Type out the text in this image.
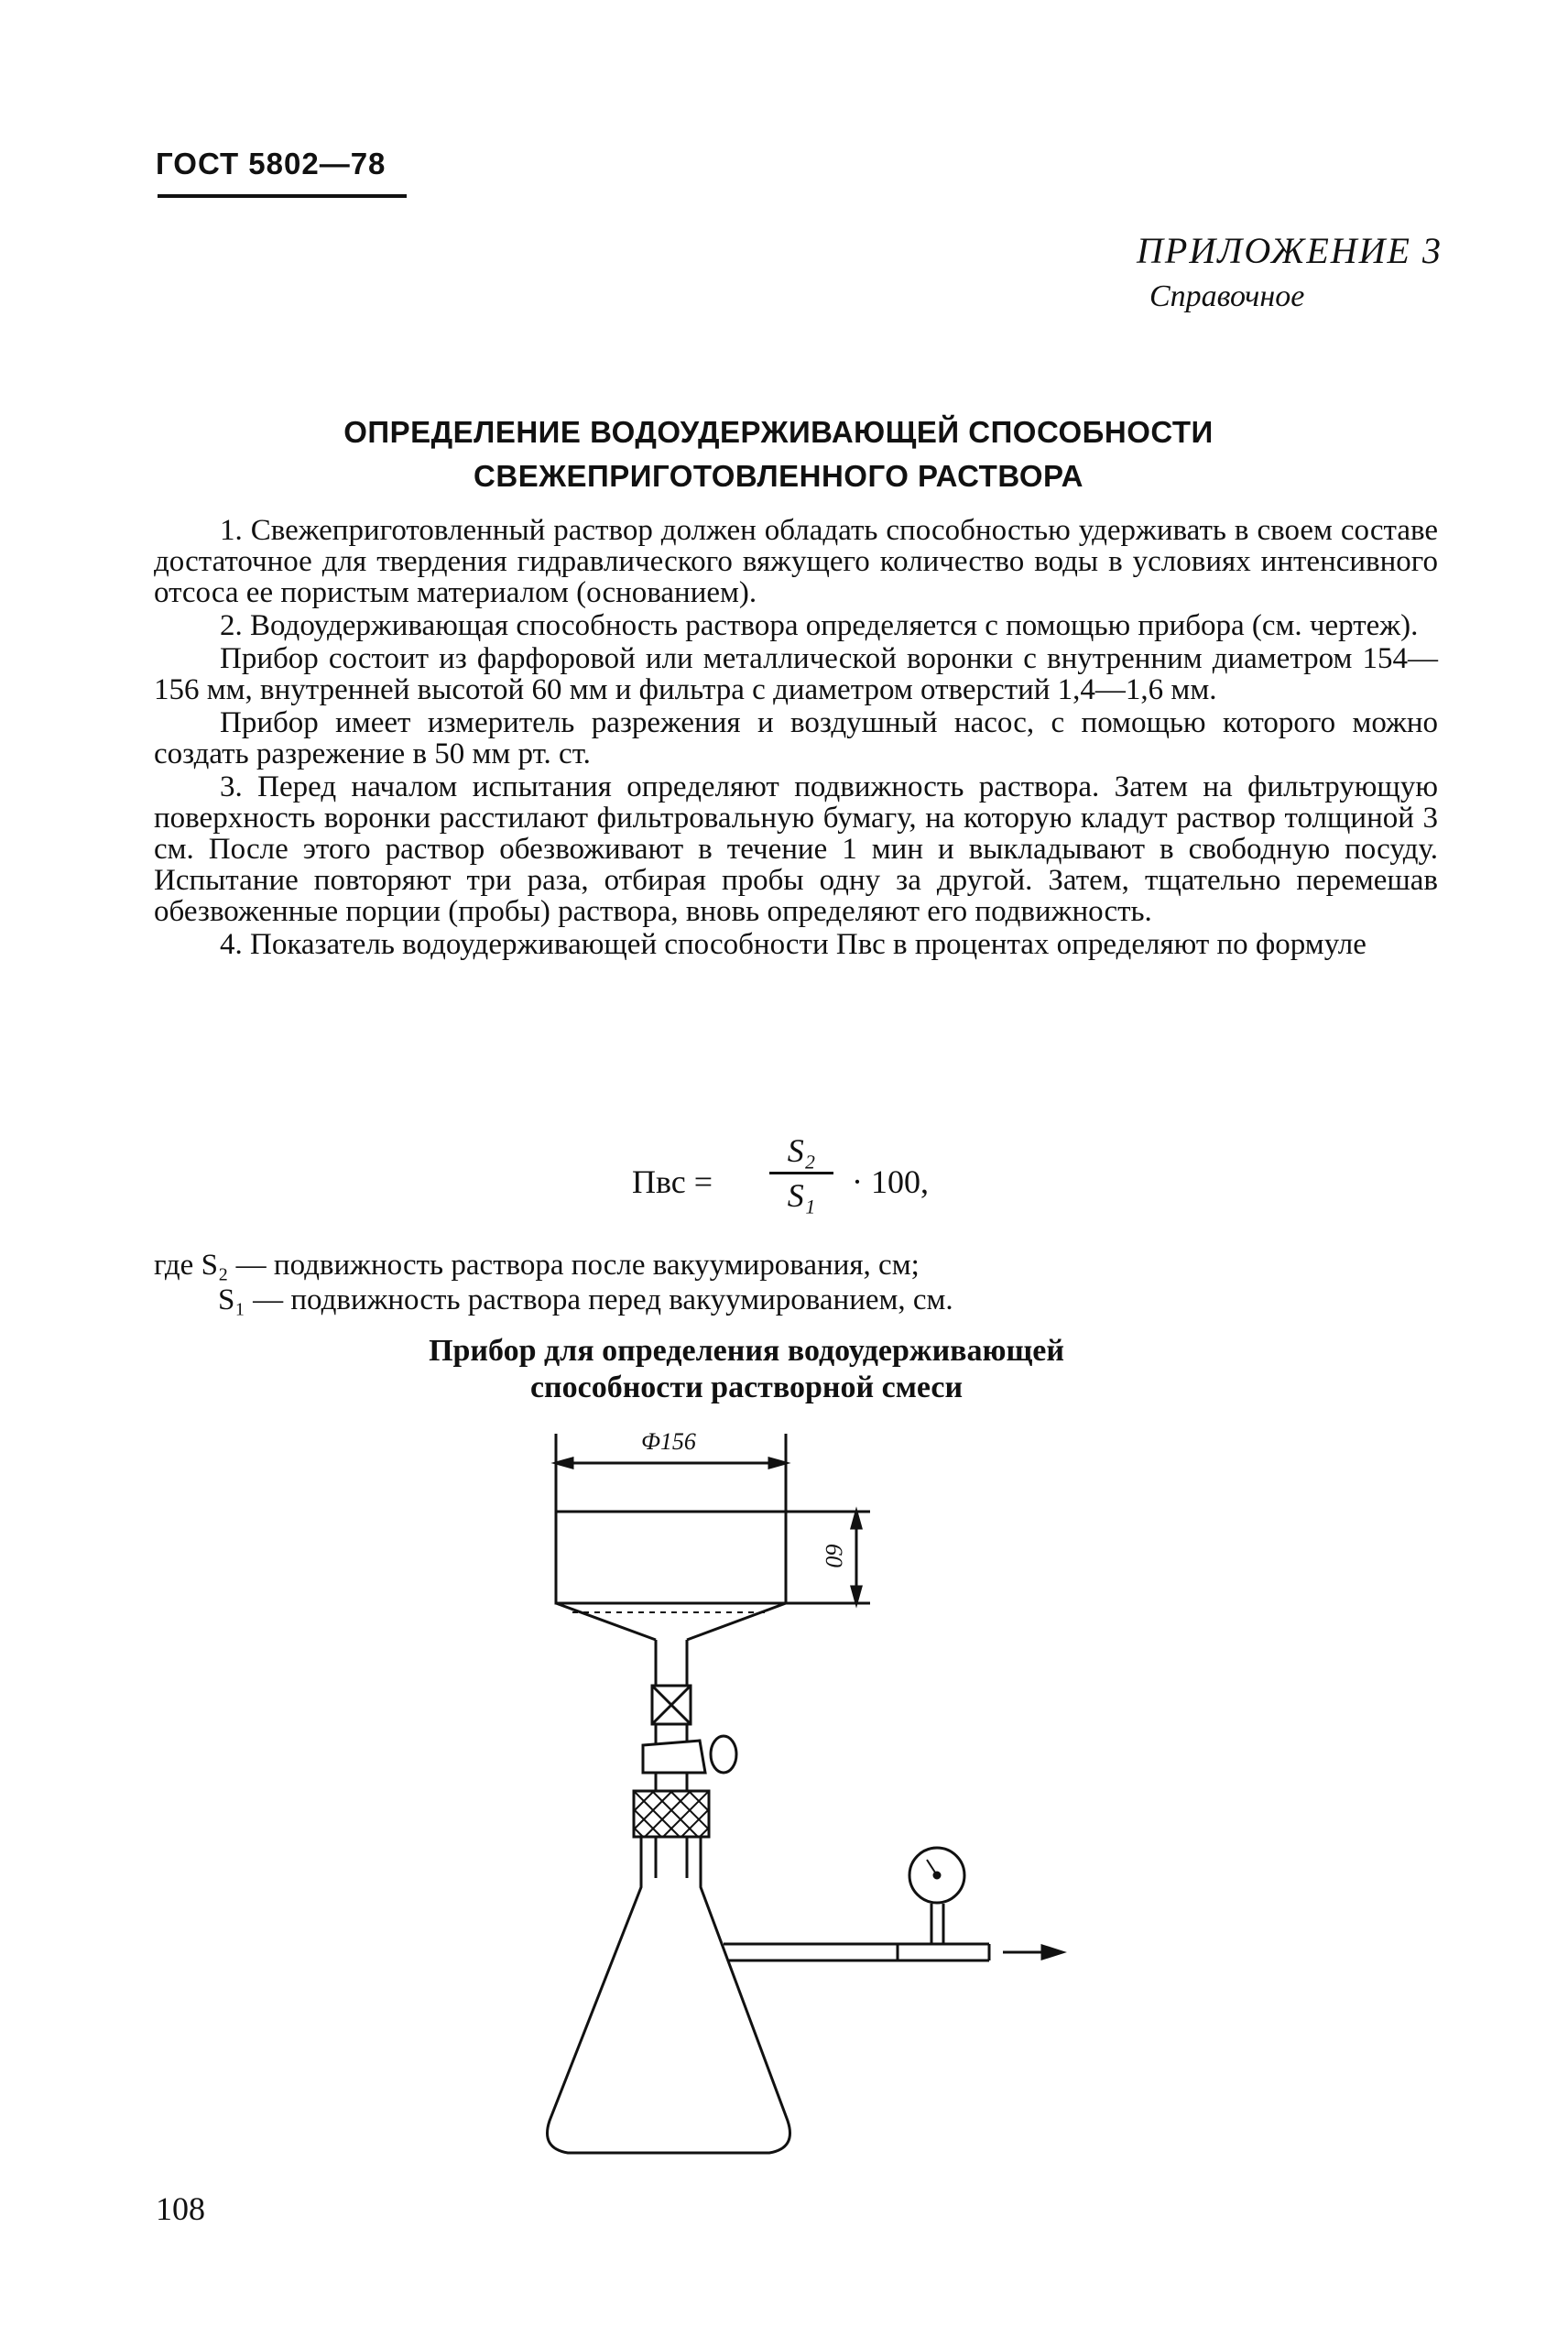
ГОСТ 5802—78
ПРИЛОЖЕНИЕ 3
Справочное
ОПРЕДЕЛЕНИЕ ВОДОУДЕРЖИВАЮЩЕЙ СПОСОБНОСТИ
СВЕЖЕПРИГОТОВЛЕННОГО РАСТВОРА

1. Свежеприготовленный раствор должен обладать способностью удерживать в своем составе достаточное для твердения гидравлического вяжущего количество воды в условиях интенсивного отсоса ее пористым материалом (основанием).

2. Водоудерживающая способность раствора определяется с помощью прибора (см. чертеж).

Прибор состоит из фарфоровой или металлической воронки с внутренним диаметром 154—156 мм, внутренней высотой 60 мм и фильтра с диаметром отверстий 1,4—1,6 мм.

Прибор имеет измеритель разрежения и воздушный насос, с помощью которого можно создать разрежение в 50 мм рт. ст.

3. Перед началом испытания определяют подвижность раствора. Затем на фильтрующую поверхность воронки расстилают фильтровальную бумагу, на которую кладут раствор толщиной 3 см. После этого раствор обезвоживают в течение 1 мин и выкладывают в свободную посуду. Испытание повторяют три раза, отбирая пробы одну за другой. Затем, тщательно перемешав обезвоженные порции (пробы) раствора, вновь определяют его подвижность.

4. Показатель водоудерживающей способности Пвс в процентах определяют по формуле

Пвс =
S₂
S₁	· 100,
где S₂ — подвижность раствора после вакуумирования, см;
S₁ — подвижность раствора перед вакуумированием, см.
Прибор для определения водоудерживающей
способности растворной смеси
Ф156
60
108
